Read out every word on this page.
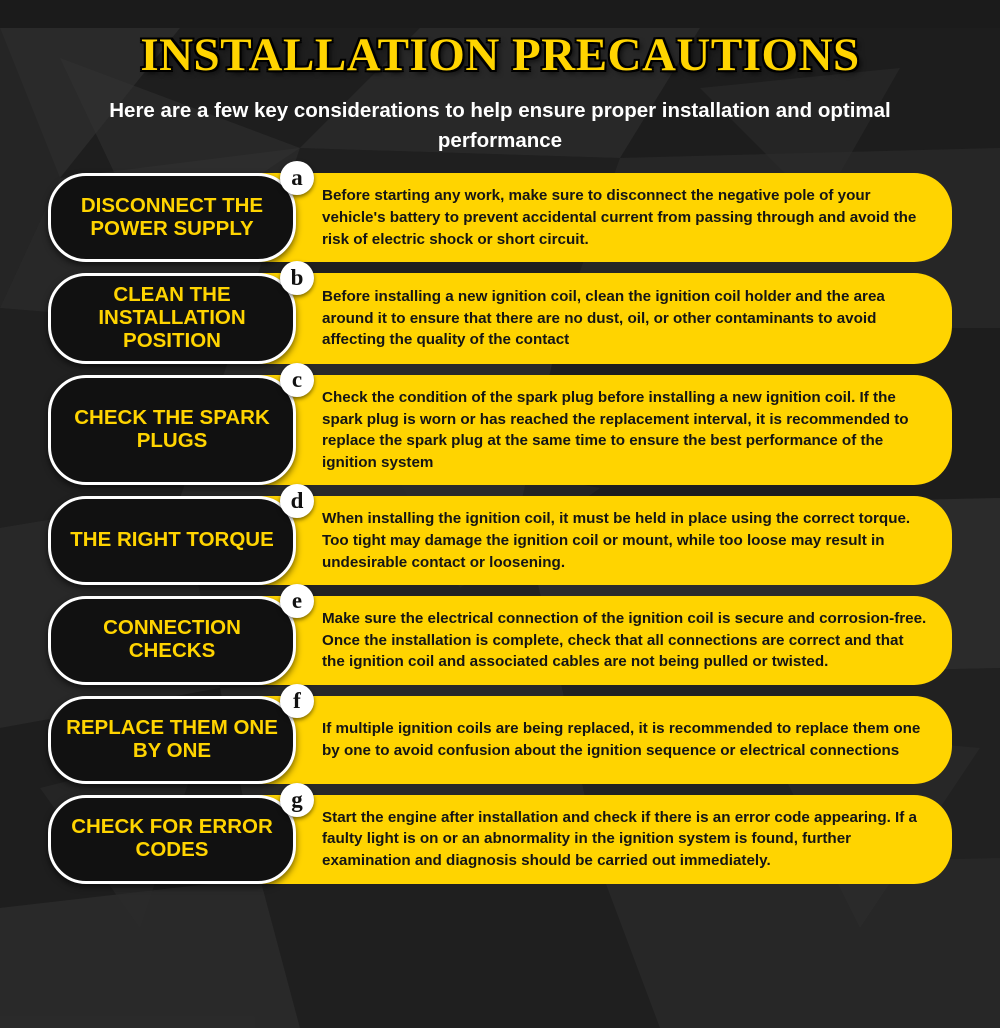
INSTALLATION PRECAUTIONS
Here are a few key considerations to help ensure proper installation and optimal performance
DISCONNECT THE POWER SUPPLY
a
Before starting any work, make sure to disconnect the negative pole of your vehicle's battery to prevent accidental current from passing through and avoid the risk of electric shock or short circuit.
CLEAN THE INSTALLATION POSITION
b
Before installing a new ignition coil, clean the ignition coil holder and the area around it to ensure that there are no dust, oil, or other contaminants to avoid affecting the quality of the contact
CHECK THE SPARK PLUGS
c
Check the condition of the spark plug before installing a new ignition coil. If the spark plug is worn or has reached the replacement interval, it is recommended to replace the spark plug at the same time to ensure the best performance of the ignition system
THE RIGHT TORQUE
d
When installing the ignition coil, it must be held in place using the correct torque. Too tight may damage the ignition coil or mount, while too loose may result in undesirable contact or loosening.
CONNECTION CHECKS
e
Make sure the electrical connection of the ignition coil is secure and corrosion-free. Once the installation is complete, check that all connections are correct and that the ignition coil and associated cables are not being pulled or twisted.
REPLACE THEM ONE BY ONE
f
If multiple ignition coils are being replaced, it is recommended to replace them one by one to avoid confusion about the ignition sequence or electrical connections
CHECK FOR ERROR CODES
g
Start the engine after installation and check if there is an error code appearing. If a faulty light is on or an abnormality in the ignition system is found, further examination and diagnosis should be carried out immediately.
